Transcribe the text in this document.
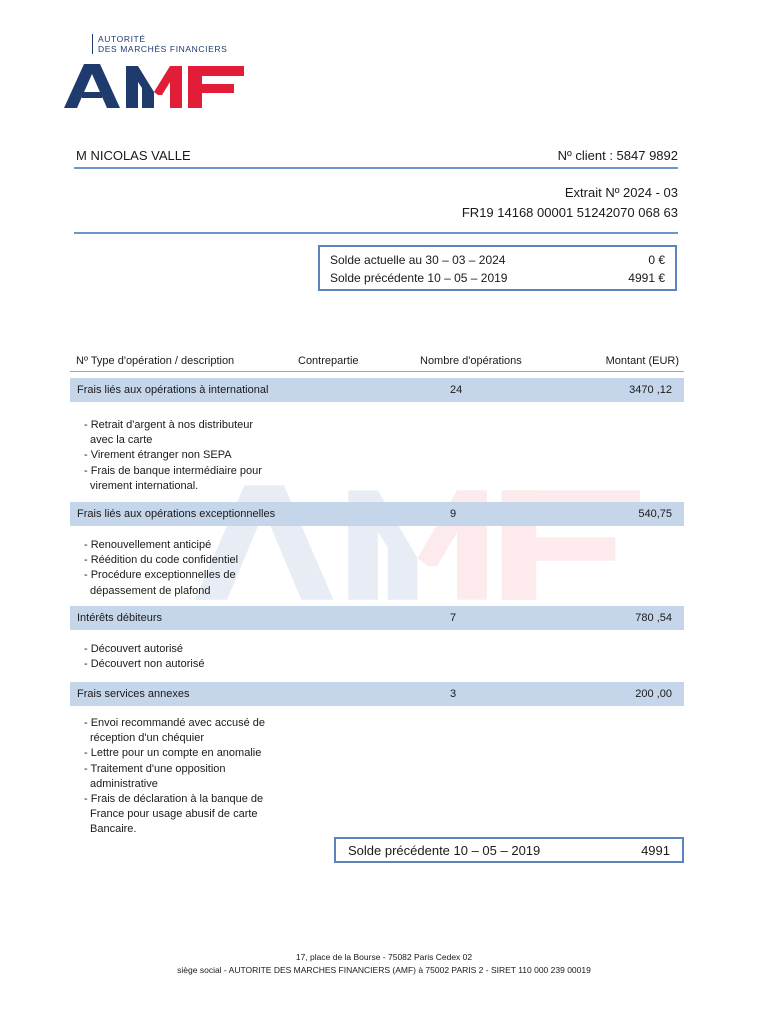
AUTORITÉ
DES MARCHÉS FINANCIERS
M NICOLAS VALLE	Nº client : 5847 9892
Extrait Nº 2024 - 03
FR19 14168 00001 51242070 068 63
Solde actuelle au 30 – 03 – 2024	0 €
Solde précédente 10 – 05 – 2019	4991 €
Nº Type d'opération / description	Contrepartie	Nombre d'opérations	Montant (EUR)
Frais liés aux opérations à international	24	3470 ,12
- Retrait d'argent à nos distributeur avec la carte
- Virement étranger non SEPA
- Frais de banque intermédiaire pour virement international.
Frais liés aux opérations exceptionnelles	9	540,75
- Renouvellement anticipé
- Réédition du code confidentiel
- Procédure exceptionnelles de dépassement de plafond
Intérêts débiteurs	7	780 ,54
- Découvert autorisé
- Découvert non autorisé
Frais services annexes	3	200 ,00
- Envoi recommandé avec accusé de réception d'un chéquier
- Lettre pour un compte en anomalie
- Traitement d'une opposition administrative
- Frais de déclaration à la banque de France pour usage abusif de carte Bancaire.
Solde précédente 10 – 05 – 2019	4991
17, place de la Bourse - 75082 Paris Cedex 02
siège social - AUTORITE DES MARCHES FINANCIERS (AMF) à 75002 PARIS 2 - SIRET 110 000 239 00019
